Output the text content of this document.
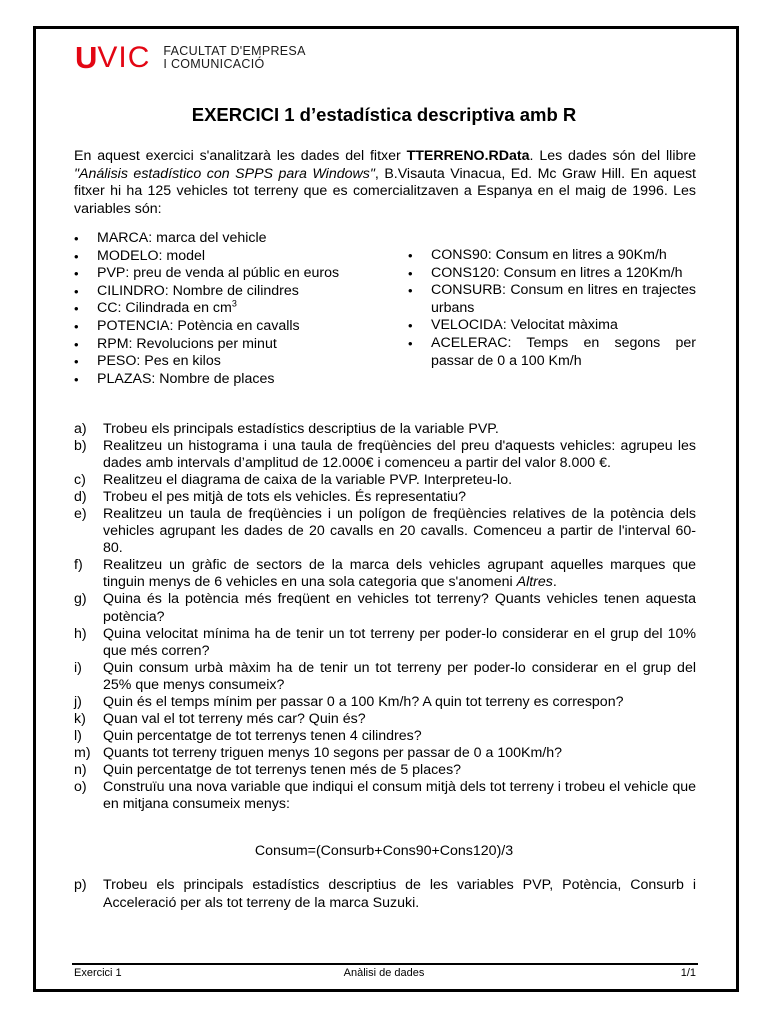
U VIC FACULTAT D'EMPRESA
I COMUNICACIÓ
EXERCICI 1 d’estadística descriptiva amb R
En aquest exercici s'analitzarà les dades del fitxer TTERRENO.RData. Les dades són del llibre "Análisis estadístico con SPPS para Windows", B.Visauta Vinacua, Ed. Mc Graw Hill. En aquest fitxer hi ha 125 vehicles tot terreny que es comercialitzaven a Espanya en el maig de 1996. Les variables són:
• MARCA: marca del vehicle
• MODELO: model
• PVP: preu de venda al públic en euros
• CILINDRO: Nombre de cilindres
• CC: Cilindrada en $cm^3$
• POTENCIA: Potència en cavalls
• RPM: Revolucions per minut
• PESO: Pes en kilos
• PLAZAS: Nombre de places
• CONS90: Consum en litres a 90Km/h
• CONS120: Consum en litres a 120Km/h
• CONSURB: Consum en litres en trajectes urbans
• VELOCIDA: Velocitat màxima
• ACELERAC: Temps en segons per passar de 0 a 100 Km/h
a) Trobeu els principals estadístics descriptius de la variable PVP.
b) Realitzeu un histograma i una taula de freqüències del preu d'aquests vehicles: agrupeu les dades amb intervals d’amplitud de 12.000€ i comenceu a partir del valor 8.000 €.
c) Realitzeu el diagrama de caixa de la variable PVP. Interpreteu-lo.
d) Trobeu el pes mitjà de tots els vehicles. És representatiu?
e) Realitzeu un taula de freqüències i un polígon de freqüències relatives de la potència dels vehicles agrupant les dades de 20 cavalls en 20 cavalls. Comenceu a partir de l'interval 60-80.
f) Realitzeu un gràfic de sectors de la marca dels vehicles agrupant aquelles marques que tinguin menys de 6 vehicles en una sola categoria que s'anomeni Altres.
g) Quina és la potència més freqüent en vehicles tot terreny? Quants vehicles tenen aquesta potència?
h) Quina velocitat mínima ha de tenir un tot terreny per poder-lo considerar en el grup del 10% que més corren?
i) Quin consum urbà màxim ha de tenir un tot terreny per poder-lo considerar en el grup del 25% que menys consumeix?
j) Quin és el temps mínim per passar 0 a 100 Km/h? A quin tot terreny es correspon?
k) Quan val el tot terreny més car? Quin és?
l) Quin percentatge de tot terrenys tenen 4 cilindres?
m) Quants tot terreny triguen menys 10 segons per passar de 0 a 100Km/h?
n) Quin percentatge de tot terrenys tenen més de 5 places?
o) Construïu una nova variable que indiqui el consum mitjà dels tot terreny i trobeu el vehicle que en mitjana consumeix menys:
Consum=(Consurb+Cons90+Cons120)/3
p) Trobeu els principals estadístics descriptius de les variables PVP, Potència, Consurb i Acceleració per als tot terreny de la marca Suzuki.
Exercici 1	Anàlisi de dades	1/1
